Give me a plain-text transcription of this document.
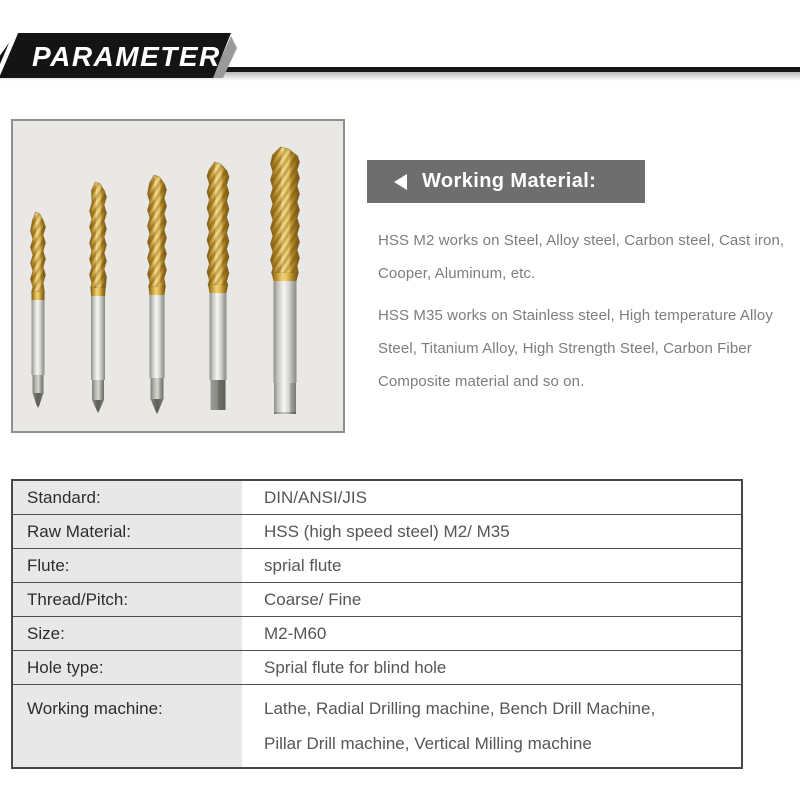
PARAMETER
Working Material:

HSS M2 works on Steel, Alloy steel, Carbon steel, Cast iron, Cooper, Aluminum, etc.

HSS M35 works on Stainless steel, High temperature Alloy Steel, Titanium Alloy, High Strength Steel, Carbon Fiber Composite material and so on.

Standard:	DIN/ANSI/JIS
Raw Material:	HSS (high speed steel) M2/ M35
Flute:	sprial flute
Thread/Pitch:	Coarse/ Fine
Size:	M2-M60
Hole type:	Sprial flute for blind hole
Working machine:	Lathe, Radial Drilling machine, Bench Drill Machine, Pillar Drill machine, Vertical Milling machine
